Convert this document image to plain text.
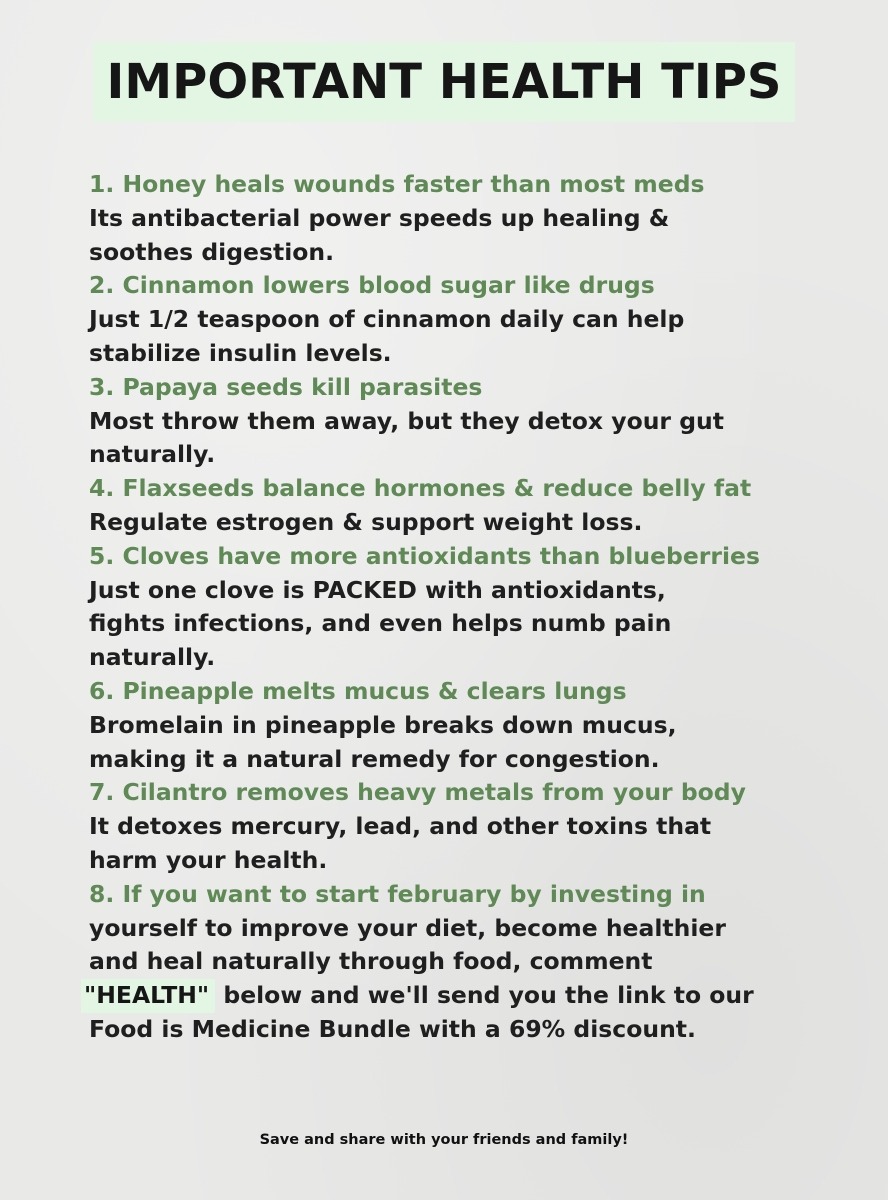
IMPORTANT HEALTH TIPS

1. Honey heals wounds faster than most meds

Its antibacterial power speeds up healing &
soothes digestion.

2. Cinnamon lowers blood sugar like drugs

Just 1/2 teaspoon of cinnamon daily can help
stabilize insulin levels.

3. Papaya seeds kill parasites

Most throw them away, but they detox your gut
naturally.

4. Flaxseeds balance hormones & reduce belly fat

Regulate estrogen & support weight loss.

5. Cloves have more antioxidants than blueberries

Just one clove is PACKED with antioxidants,
fights infections, and even helps numb pain
naturally.

6. Pineapple melts mucus & clears lungs

Bromelain in pineapple breaks down mucus,
making it a natural remedy for congestion.

7. Cilantro removes heavy metals from your body

It detoxes mercury, lead, and other toxins that
harm your health.

8. If you want to start february by investing in

yourself to improve your diet, become healthier
and heal naturally through food, comment
"HEALTH" below and we'll send you the link to our
Food is Medicine Bundle with a 69% discount.
Save and share with your friends and family!
